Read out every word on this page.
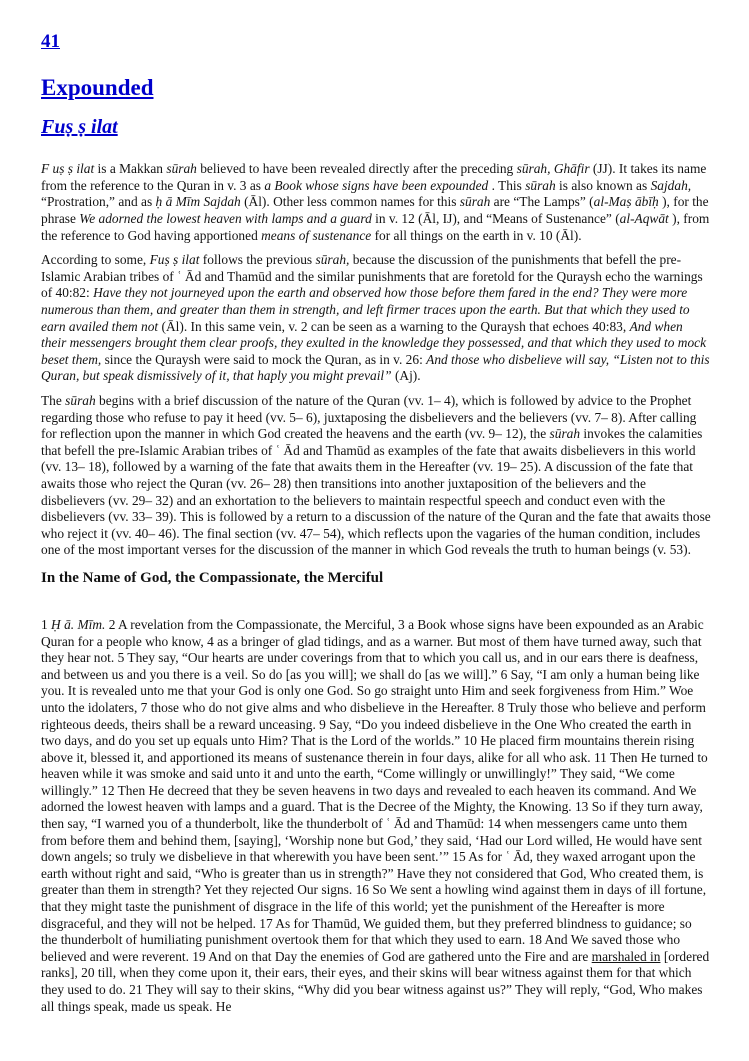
41
Expounded
Fuṣ ṣ ilat

F uṣ ṣ ilat is a Makkan sūrah believed to have been revealed directly after the preceding sūrah, Ghāfir (JJ). It takes its name from the reference to the Quran in v. 3 as a Book whose signs have been expounded . This sūrah is also known as Sajdah, “Prostration,” and as ḥ ā Mīm Sajdah (Āl). Other less common names for this sūrah are “The Lamps” (al-Maṣ ābīḥ ), for the phrase We adorned the lowest heaven with lamps and a guard in v. 12 (Āl, IJ), and “Means of Sustenance” (al-Aqwāt ), from the reference to God having apportioned means of sustenance for all things on the earth in v. 10 (Āl).

According to some, Fuṣ ṣ ilat follows the previous sūrah, because the discussion of the punishments that befell the pre-Islamic Arabian tribes of ʿ Ād and Thamūd and the similar punishments that are foretold for the Quraysh echo the warnings of 40:82: Have they not journeyed upon the earth and observed how those before them fared in the end? They were more numerous than them, and greater than them in strength, and left firmer traces upon the earth. But that which they used to earn availed them not (Āl). In this same vein, v. 2 can be seen as a warning to the Quraysh that echoes 40:83, And when their messengers brought them clear proofs, they exulted in the knowledge they possessed, and that which they used to mock beset them, since the Quraysh were said to mock the Quran, as in v. 26: And those who disbelieve will say, “Listen not to this Quran, but speak dismissively of it, that haply you might prevail” (Aj).

The sūrah begins with a brief discussion of the nature of the Quran (vv. 1– 4), which is followed by advice to the Prophet regarding those who refuse to pay it heed (vv. 5– 6), juxtaposing the disbelievers and the believers (vv. 7– 8). After calling for reflection upon the manner in which God created the heavens and the earth (vv. 9– 12), the sūrah invokes the calamities that befell the pre-Islamic Arabian tribes of ʿ Ād and Thamūd as examples of the fate that awaits disbelievers in this world (vv. 13– 18), followed by a warning of the fate that awaits them in the Hereafter (vv. 19– 25). A discussion of the fate that awaits those who reject the Quran (vv. 26– 28) then transitions into another juxtaposition of the believers and the disbelievers (vv. 29– 32) and an exhortation to the believers to maintain respectful speech and conduct even with the disbelievers (vv. 33– 39). This is followed by a return to a discussion of the nature of the Quran and the fate that awaits those who reject it (vv. 40– 46). The final section (vv. 47– 54), which reflects upon the vagaries of the human condition, includes one of the most important verses for the discussion of the manner in which God reveals the truth to human beings (v. 53).

In the Name of God, the Compassionate, the Merciful

1 Ḥ ā. Mīm. 2 A revelation from the Compassionate, the Merciful, 3 a Book whose signs have been expounded as an Arabic Quran for a people who know, 4 as a bringer of glad tidings, and as a warner. But most of them have turned away, such that they hear not. 5 They say, “Our hearts are under coverings from that to which you call us, and in our ears there is deafness, and between us and you there is a veil. So do [as you will]; we shall do [as we will].” 6 Say, “I am only a human being like you. It is revealed unto me that your God is only one God. So go straight unto Him and seek forgiveness from Him.” Woe unto the idolaters, 7 those who do not give alms and who disbelieve in the Hereafter. 8 Truly those who believe and perform righteous deeds, theirs shall be a reward unceasing. 9 Say, “Do you indeed disbelieve in the One Who created the earth in two days, and do you set up equals unto Him? That is the Lord of the worlds.” 10 He placed firm mountains therein rising above it, blessed it, and apportioned its means of sustenance therein in four days, alike for all who ask. 11 Then He turned to heaven while it was smoke and said unto it and unto the earth, “Come willingly or unwillingly!” They said, “We come willingly.” 12 Then He decreed that they be seven heavens in two days and revealed to each heaven its command. And We adorned the lowest heaven with lamps and a guard. That is the Decree of the Mighty, the Knowing. 13 So if they turn away, then say, “I warned you of a thunderbolt, like the thunderbolt of ʿ Ād and Thamūd: 14 when messengers came unto them from before them and behind them, [saying], ‘Worship none but God,’ they said, ‘Had our Lord willed, He would have sent down angels; so truly we disbelieve in that wherewith you have been sent.’” 15 As for ʿ Ād, they waxed arrogant upon the earth without right and said, “Who is greater than us in strength?” Have they not considered that God, Who created them, is greater than them in strength? Yet they rejected Our signs. 16 So We sent a howling wind against them in days of ill fortune, that they might taste the punishment of disgrace in the life of this world; yet the punishment of the Hereafter is more disgraceful, and they will not be helped. 17 As for Thamūd, We guided them, but they preferred blindness to guidance; so the thunderbolt of humiliating punishment overtook them for that which they used to earn. 18 And We saved those who believed and were reverent. 19 And on that Day the enemies of God are gathered unto the Fire and are marshaled in [ordered ranks], 20 till, when they come upon it, their ears, their eyes, and their skins will bear witness against them for that which they used to do. 21 They will say to their skins, “Why did you bear witness against us?” They will reply, “God, Who makes all things speak, made us speak. He
